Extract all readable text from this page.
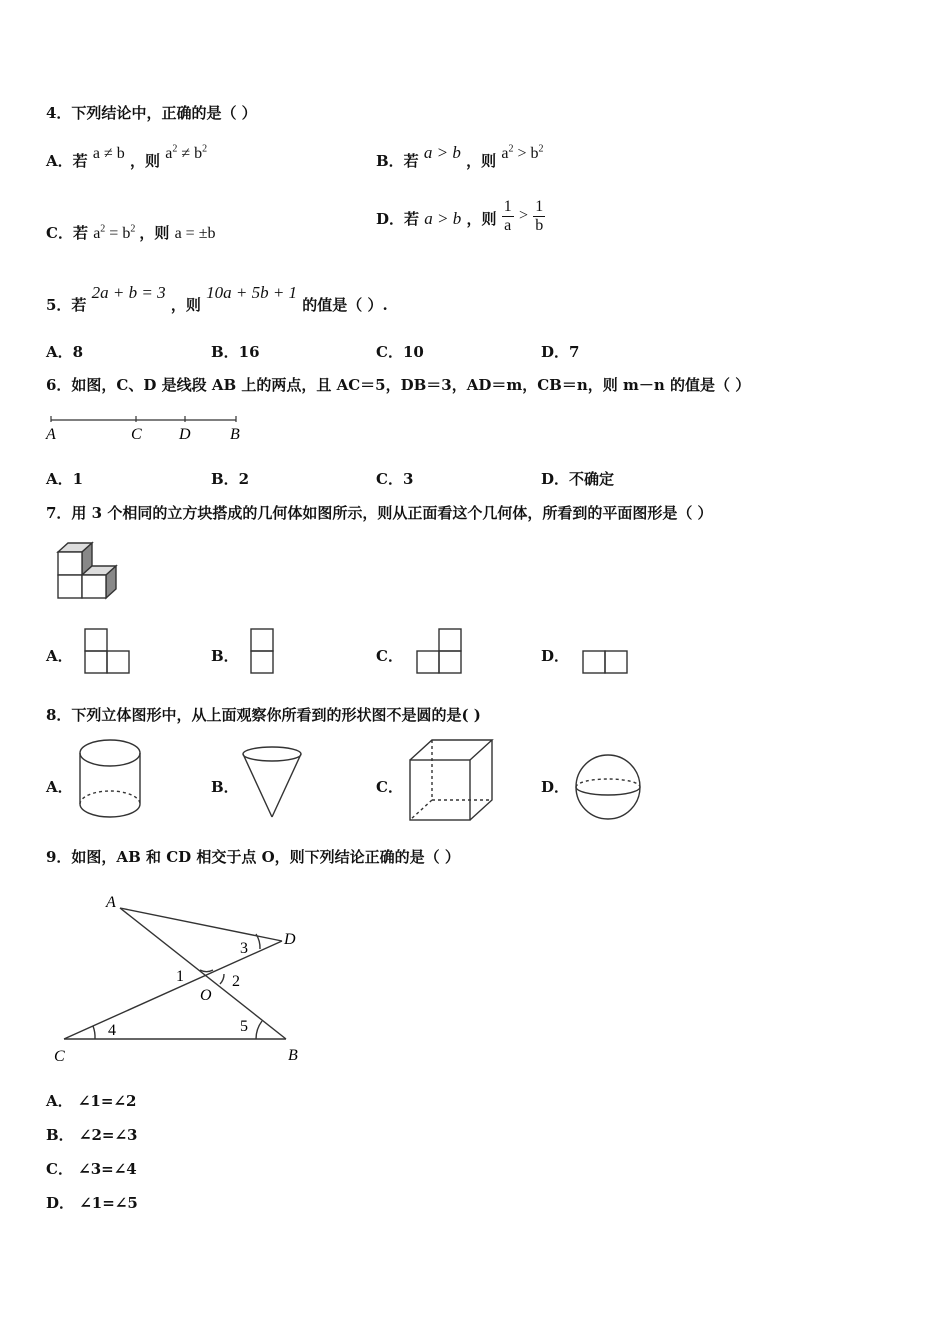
4．下列结论中，正确的是（ ）
A．若 a ≠ b ，则 $a^2 \ne b^2$
B．若 a > b ，则 $a^2 > b^2$
C．若 $a^2 = b^2$ ，则 a = ±b
D．若 a > b ，则 $\frac{1}{a} > \frac{1}{b}$
5．若 2a + b = 3 ，则 10a + 5b + 1 的值是（ ）.
A．8	B．16	C．10	D．7
6．如图，C、D 是线段 AB 上的两点，且 AC＝5，DB＝3，AD＝m，CB＝n，则 m－n 的值是（ ）
A	C D B
A．1	B．2	C．3	D．不确定
7．用 3 个相同的立方块搭成的几何体如图所示，则从正面看这个几何体，所看到的平面图形是（ ）
A．	B．	C．	D．
8．下列立体图形中，从上面观察你所看到的形状图不是圆的是( )
A．	B．	C．	D．
9．如图，AB 和 CD 相交于点 O，则下列结论正确的是（ ）
A
D
O
C	B
1	2
3
4	5
A． ∠1=∠2
B． ∠2=∠3
C． ∠3=∠4
D． ∠1=∠5
